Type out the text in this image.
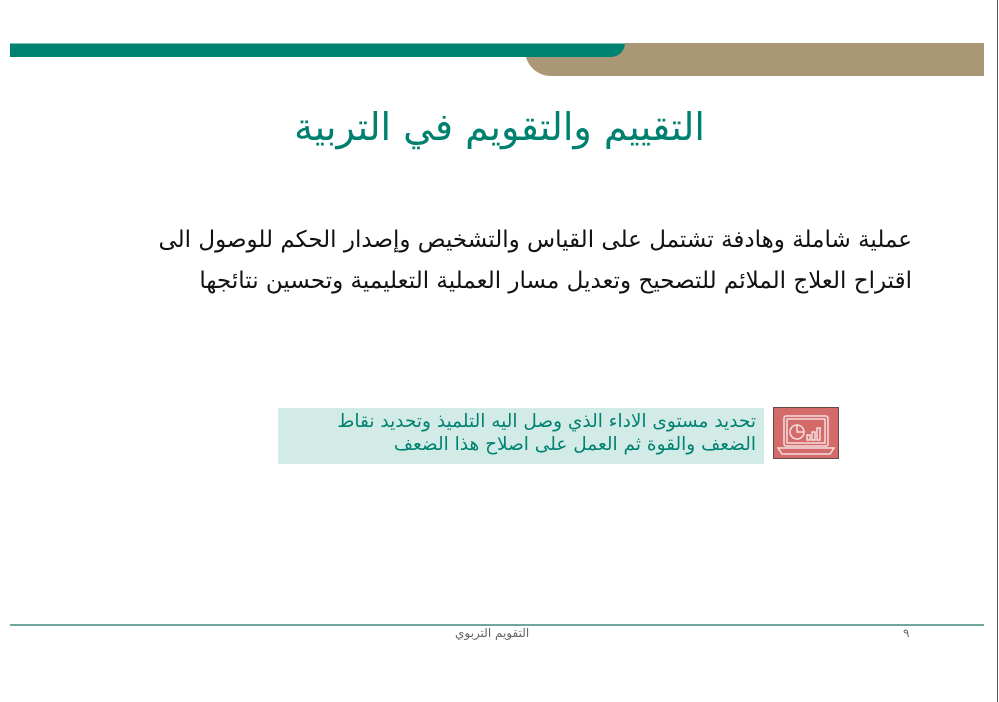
التقييم والتقويم في التربية
عملية شاملة وهادفة تشتمل على القياس والتشخيص وإصدار الحكم للوصول الى
اقتراح العلاج الملائم للتصحيح وتعديل مسار العملية التعليمية وتحسين نتائجها
تحديد مستوى الاداء الذي وصل اليه التلميذ وتحديد نقاط
الضعف والقوة ثم العمل على اصلاح هذا الضعف
التقويم التربوي	٩
